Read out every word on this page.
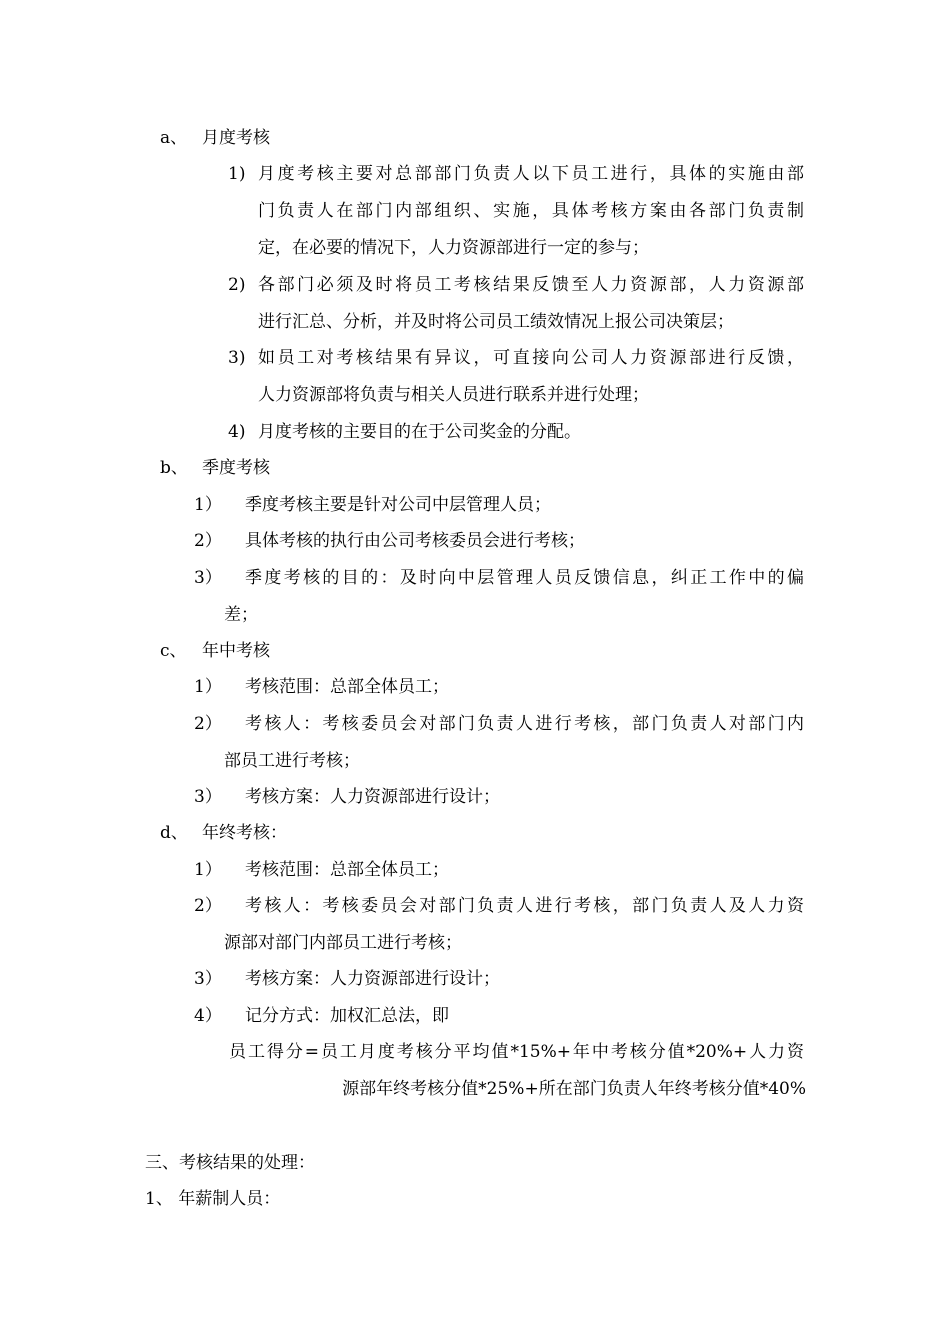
a、 月度考核
1) 月度考核主要对总部部门负责人以下员工进行，具体的实施由部
门负责人在部门内部组织、实施，具体考核方案由各部门负责制
定，在必要的情况下，人力资源部进行一定的参与；
2) 各部门必须及时将员工考核结果反馈至人力资源部，人力资源部
进行汇总、分析，并及时将公司员工绩效情况上报公司决策层；
3) 如员工对考核结果有异议，可直接向公司人力资源部进行反馈，
人力资源部将负责与相关人员进行联系并进行处理；
4) 月度考核的主要目的在于公司奖金的分配。
b、 季度考核
1） 季度考核主要是针对公司中层管理人员；
2） 具体考核的执行由公司考核委员会进行考核；
3） 季度考核的目的：及时向中层管理人员反馈信息，纠正工作中的偏
差；
c、 年中考核
1） 考核范围：总部全体员工；
2） 考核人：考核委员会对部门负责人进行考核，部门负责人对部门内
部员工进行考核；
3） 考核方案：人力资源部进行设计；
d、 年终考核：
1） 考核范围：总部全体员工；
2） 考核人：考核委员会对部门负责人进行考核，部门负责人及人力资
源部对部门内部员工进行考核；
3） 考核方案：人力资源部进行设计；
4） 记分方式：加权汇总法，即
员工得分=员工月度考核分平均值*15%+年中考核分值*20%+人力资
源部年终考核分值*25%+所在部门负责人年终考核分值*40%
三、考核结果的处理：
1、 年薪制人员：
